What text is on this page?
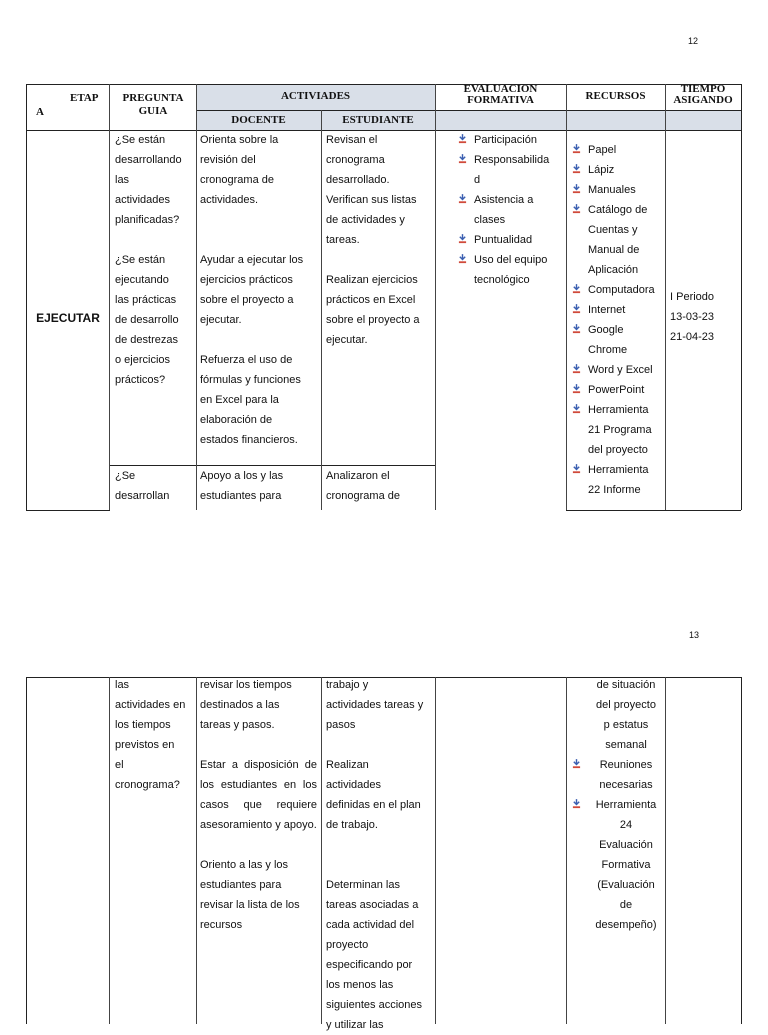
12
ETAP
A
PREGUNTA
GUIA
ACTIVIADES
DOCENTE	ESTUDIANTE
EVALUACION
FORMATIVA	RECURSOS
TIEMPO
ASIGANDO
EJECUTAR
¿Se están
desarrollando
las
actividades
planificadas?

¿Se están
ejecutando
las prácticas
de desarrollo
de destrezas
o ejercicios
prácticos?
¿Se
desarrollan
Orienta sobre la
revisión del
cronograma de
actividades.

Ayudar a ejecutar los
ejercicios prácticos
sobre el proyecto a
ejecutar.

Refuerza el uso de
fórmulas y funciones
en Excel para la
elaboración de
estados financieros.
Apoyo a los y las
estudiantes para
Revisan el
cronograma
desarrollado.
Verifican sus listas
de actividades y
tareas.

Realizan ejercicios
prácticos en Excel
sobre el proyecto a
ejecutar.
Analizaron el
cronograma de
Participación
Responsabilida
d
Asistencia a
clases
Puntualidad
Uso del equipo
tecnológico
Papel
Lápiz
Manuales
Catálogo de
Cuentas y
Manual de
Aplicación
Computadora
Internet
Google
Chrome
Word y Excel
PowerPoint
Herramienta
21 Programa
del proyecto
Herramienta
22 Informe
I Periodo
13-03-23
21-04-23
13
las
actividades en
los tiempos
previstos en
el
cronograma?
revisar los tiempos
destinados a las
tareas y pasos.
Estar a disposición de los estudiantes en los casos que requiere asesoramiento y apoyo.
Oriento a las y los
estudiantes para
revisar la lista de los
recursos
trabajo y
actividades tareas y
pasos

Realizan
actividades
definidas en el plan
de trabajo.

Determinan las
tareas asociadas a
cada actividad del
proyecto
especificando por
los menos las
siguientes acciones
y utilizar las
de situación
del proyecto
p estatus
semanal
Reuniones
necesarias
Herramienta
24
Evaluación
Formativa
(Evaluación
de
desempeño)
